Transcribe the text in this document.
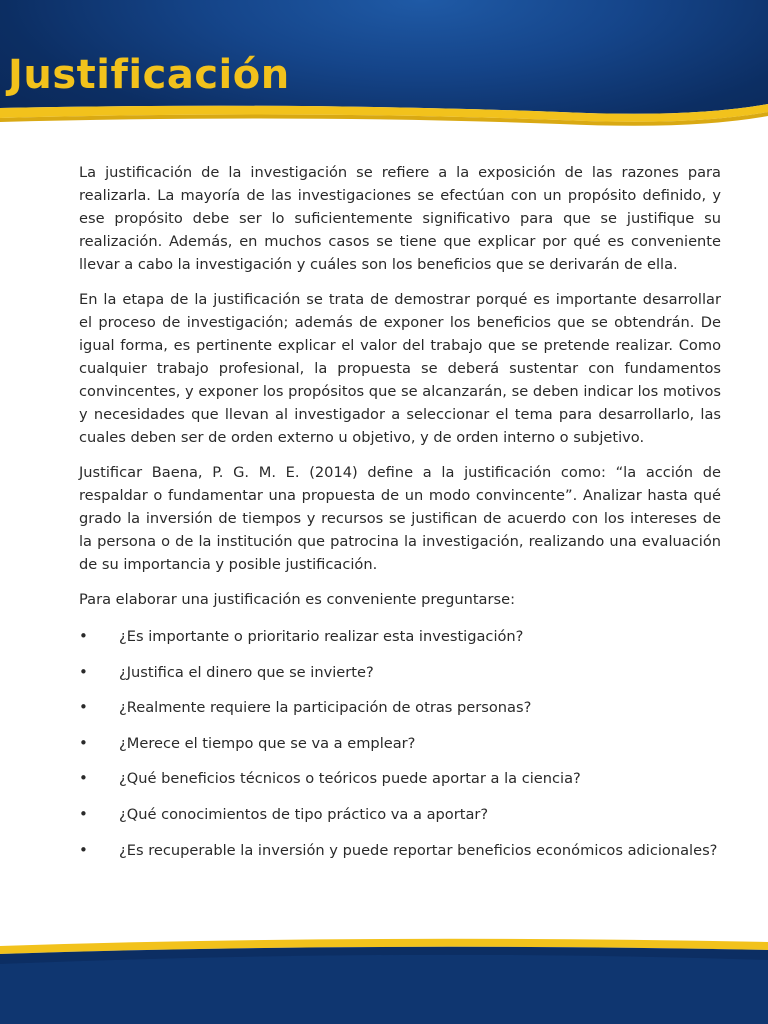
Justificación

La justificación de la investigación se refiere a la exposición de las razones para realizarla. La mayoría de las investigaciones se efectúan con un propósito definido, y ese propósito debe ser lo suficientemente significativo para que se justifique su realización. Además, en muchos casos se tiene que explicar por qué es conveniente llevar a cabo la investigación y cuáles son los beneficios que se derivarán de ella.

En la etapa de la justificación se trata de demostrar porqué es importante desarrollar el proceso de investigación; además de exponer los beneficios que se obtendrán. De igual forma, es pertinente explicar el valor del trabajo que se pretende realizar. Como cualquier trabajo profesional, la propuesta se deberá sustentar con fundamentos convincentes, y exponer los propósitos que se alcanzarán, se deben indicar los motivos y necesidades que llevan al investigador a seleccionar el tema para desarrollarlo, las cuales deben ser de orden externo u objetivo, y de orden interno o subjetivo.

Justificar Baena, P. G. M. E. (2014) define a la justificación como: “la acción de respaldar o fundamentar una propuesta de un modo convincente”. Analizar hasta qué grado la inversión de tiempos y recursos se justifican de acuerdo con los intereses de la persona o de la institución que patrocina la investigación, realizando una evaluación de su importancia y posible justificación.

Para elaborar una justificación es conveniente preguntarse:

•	¿Es importante o prioritario realizar esta investigación?
•	¿Justifica el dinero que se invierte?
•	¿Realmente requiere la participación de otras personas?
•	¿Merece el tiempo que se va a emplear?
•	¿Qué beneficios técnicos o teóricos puede aportar a la ciencia?
•	¿Qué conocimientos de tipo práctico va a aportar?
•	¿Es recuperable la inversión y puede reportar beneficios económicos adicionales?
